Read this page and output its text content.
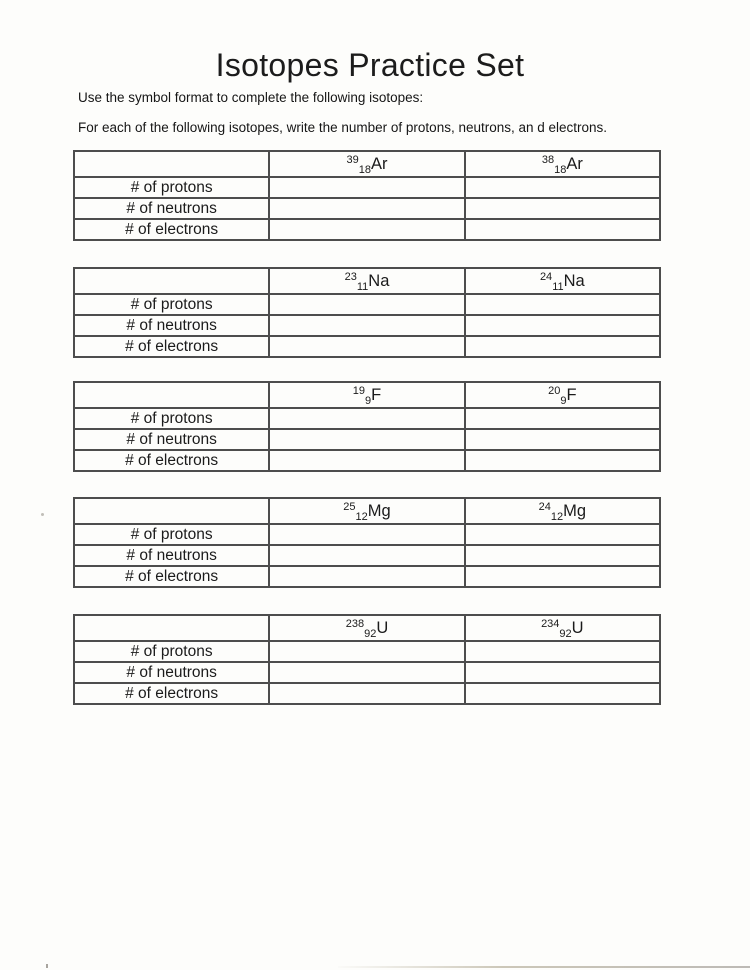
Isotopes Practice Set
Use the symbol format to complete the following isotopes:
For each of the following isotopes, write the number of protons, neutrons, an d electrons.
	$^{39}_{18}$Ar	$^{38}_{18}$Ar
# of protons		
# of neutrons		
# of electrons		
	$^{23}_{11}$Na	$^{24}_{11}$Na
# of protons		
# of neutrons		
# of electrons		
	$^{19}_9$F	$^{20}_9$F
# of protons		
# of neutrons		
# of electrons		
	$^{25}_{12}$Mg	$^{24}_{12}$Mg
# of protons		
# of neutrons		
# of electrons		
	$^{238}_{92}$U	$^{234}_{92}$U
# of protons		
# of neutrons		
# of electrons		
